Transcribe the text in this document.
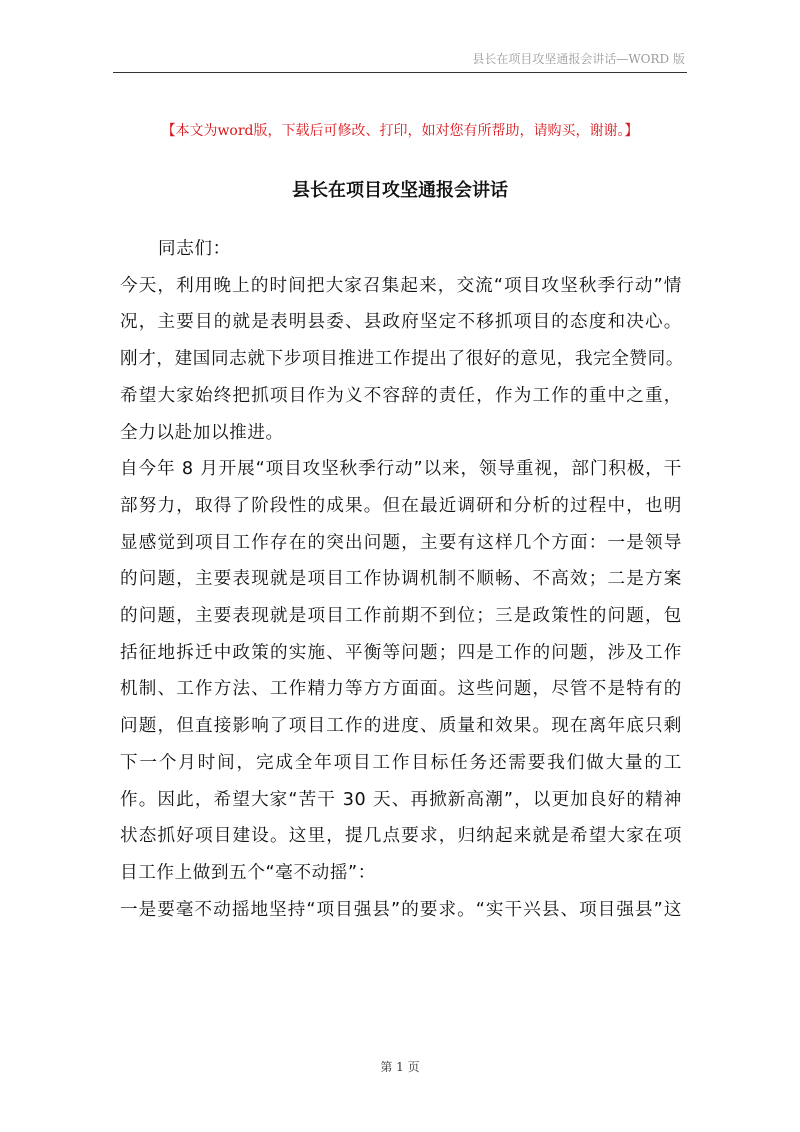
县长在项目攻坚通报会讲话—WORD 版
【本文为word版，下载后可修改、打印，如对您有所帮助，请购买，谢谢。】
县长在项目攻坚通报会讲话
同志们：
今天，利用晚上的时间把大家召集起来，交流“项目攻坚秋季行动”情
况，主要目的就是表明县委、县政府坚定不移抓项目的态度和决心。
刚才，建国同志就下步项目推进工作提出了很好的意见，我完全赞同。
希望大家始终把抓项目作为义不容辞的责任，作为工作的重中之重，
全力以赴加以推进。
自今年 8 月开展“项目攻坚秋季行动”以来，领导重视，部门积极，干
部努力，取得了阶段性的成果。但在最近调研和分析的过程中，也明
显感觉到项目工作存在的突出问题，主要有这样几个方面：一是领导
的问题，主要表现就是项目工作协调机制不顺畅、不高效；二是方案
的问题，主要表现就是项目工作前期不到位；三是政策性的问题，包
括征地拆迁中政策的实施、平衡等问题；四是工作的问题，涉及工作
机制、工作方法、工作精力等方方面面。这些问题，尽管不是特有的
问题，但直接影响了项目工作的进度、质量和效果。现在离年底只剩
下一个月时间，完成全年项目工作目标任务还需要我们做大量的工
作。因此，希望大家“苦干 30 天、再掀新高潮”，以更加良好的精神
状态抓好项目建设。这里，提几点要求，归纳起来就是希望大家在项
目工作上做到五个“毫不动摇”：
一是要毫不动摇地坚持“项目强县”的要求。“实干兴县、项目强县”这
第 1 页
